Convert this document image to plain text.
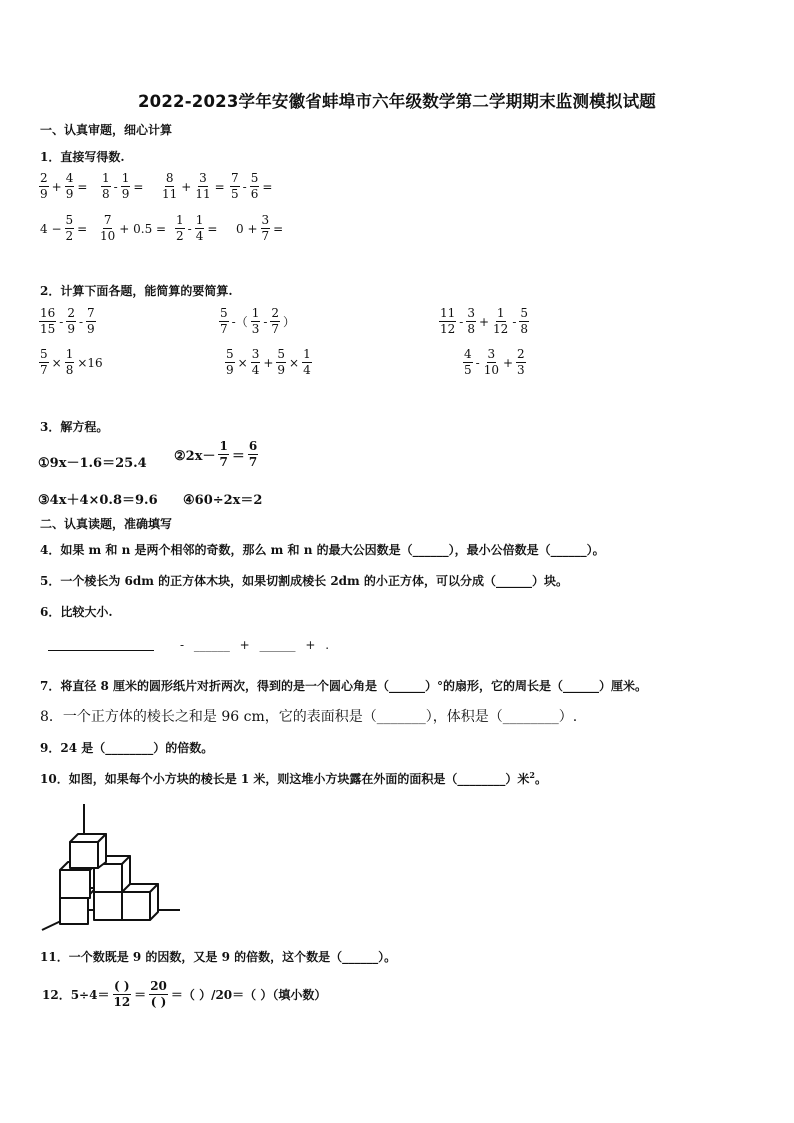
2022-2023学年安徽省蚌埠市六年级数学第二学期期末监测模拟试题
一、认真审题，细心计算
1．直接写得数.
$\frac{2}{9} + \frac{4}{9} = \frac{1}{8} - \frac{1}{9} = \frac{8}{11} + \frac{3}{11} = \frac{7}{5} - \frac{5}{6}$ =
$4 - \frac{5}{2} = \frac{7}{10} + 0.5 = \frac{1}{2} - \frac{1}{4} = 0 + \frac{3}{7}$ =
2．计算下面各题，能简算的要简算.
$\frac{16}{15} - \frac{2}{9} - \frac{7}{9}$	$\frac{5}{7}$ -（ $\frac{1}{3} - \frac{2}{7}$ ）	$\frac{11}{12} - \frac{3}{8} + \frac{1}{12} - \frac{5}{8}$
$\frac{5}{7} \times \frac{1}{8} \times 16$	$\frac{5}{9} \times \frac{3}{4} + \frac{5}{9} \times \frac{1}{4}$	$\frac{4}{5} - \frac{3}{10} + \frac{2}{3}$
3．解方程。
①9x－1.6＝25.4 ②2x－ $\frac{1}{7} = \frac{6}{7}$
③4x＋4×0.8＝9.6 ④60÷2x＝2
二、认真读题，准确填写
4．如果 m 和 n 是两个相邻的奇数，那么 m 和 n 的最大公因数是（______），最小公倍数是（______）。
5．一个棱长为 6dm 的正方体木块，如果切割成棱长 2dm 的小正方体，可以分成（______）块。
6．比较大小.
- ______ + ______ + .
7．将直径 8 厘米的圆形纸片对折两次，得到的是一个圆心角是（______）°的扇形，它的周长是（______）厘米。
8．一个正方体的棱长之和是 96 cm，它的表面积是（_______），体积是（________）.
9．24 是（________）的倍数。
10．如图，如果每个小方块的棱长是 1 米，则这堆小方块露在外面的面积是（________）米$^2$。
11．一个数既是 9 的因数，又是 9 的倍数，这个数是（______）。
12．$5\div 4= \frac{( )}{12} = \frac{20}{( )}$ ＝（ ）/20＝（ ）（填小数）
